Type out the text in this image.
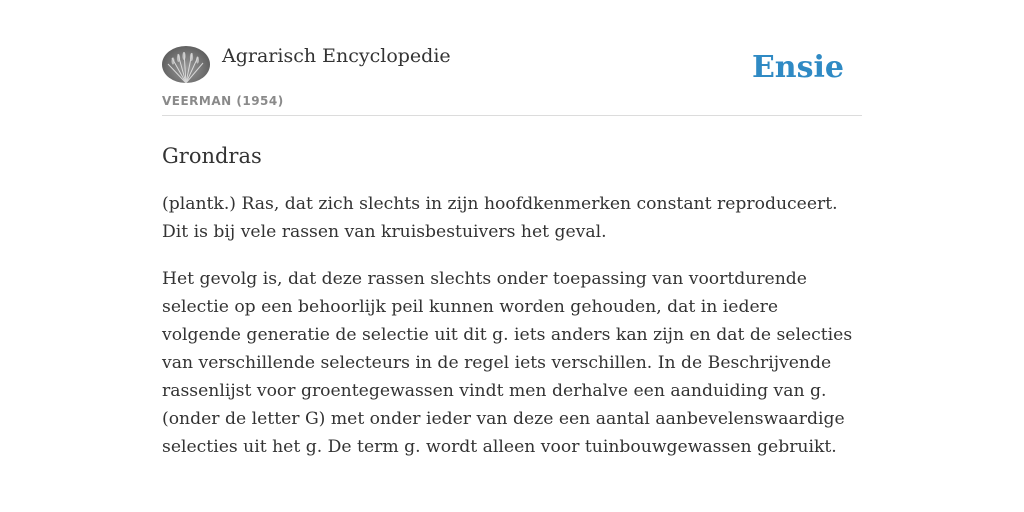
Agrarisch Encyclopedie
VEERMAN (1954)
Ensie
Grondras

(plantk.) Ras, dat zich slechts in zijn hoofdkenmerken constant reproduceert. Dit is bij vele rassen van kruisbestuivers het geval.

Het gevolg is, dat deze rassen slechts onder toepassing van voortdurende selectie op een behoorlijk peil kunnen worden gehouden, dat in iedere volgende generatie de selectie uit dit g. iets anders kan zijn en dat de selecties van verschillende selecteurs in de regel iets verschillen. In de Beschrijvende rassenlijst voor groentegewassen vindt men derhalve een aanduiding van g. (onder de letter G) met onder ieder van deze een aantal aanbevelenswaardige selecties uit het g. De term g. wordt alleen voor tuinbouwgewassen gebruikt.
